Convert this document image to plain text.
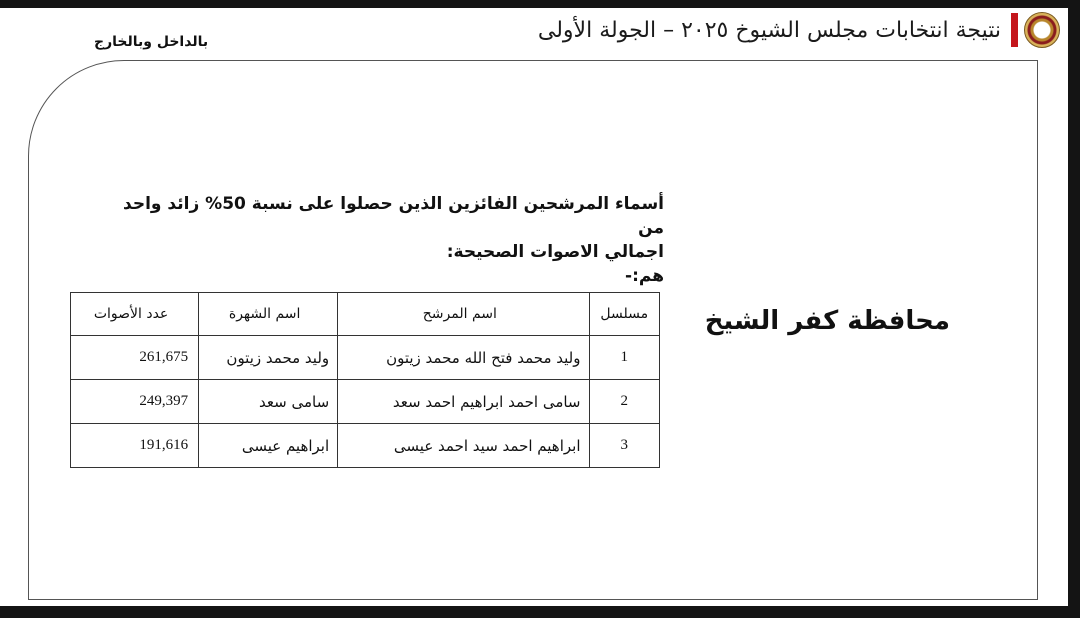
نتيجة انتخابات مجلس الشيوخ ٢٠٢٥ – الجولة الأولى
بالداخل وبالخارج
أسماء المرشحين الفائزين الذين حصلوا على نسبة 50% زائد واحد من
اجمالي الاصوات الصحيحة:
هم:-
محافظة كفر الشيخ
مسلسل	اسم المرشح	اسم الشهرة	عدد الأصوات
1	وليد محمد فتح الله محمد زيتون	وليد محمد زيتون	261,675
2	سامى احمد ابراهيم احمد سعد	سامى سعد	249,397
3	ابراهيم احمد سيد احمد عيسى	ابراهيم عيسى	191,616
